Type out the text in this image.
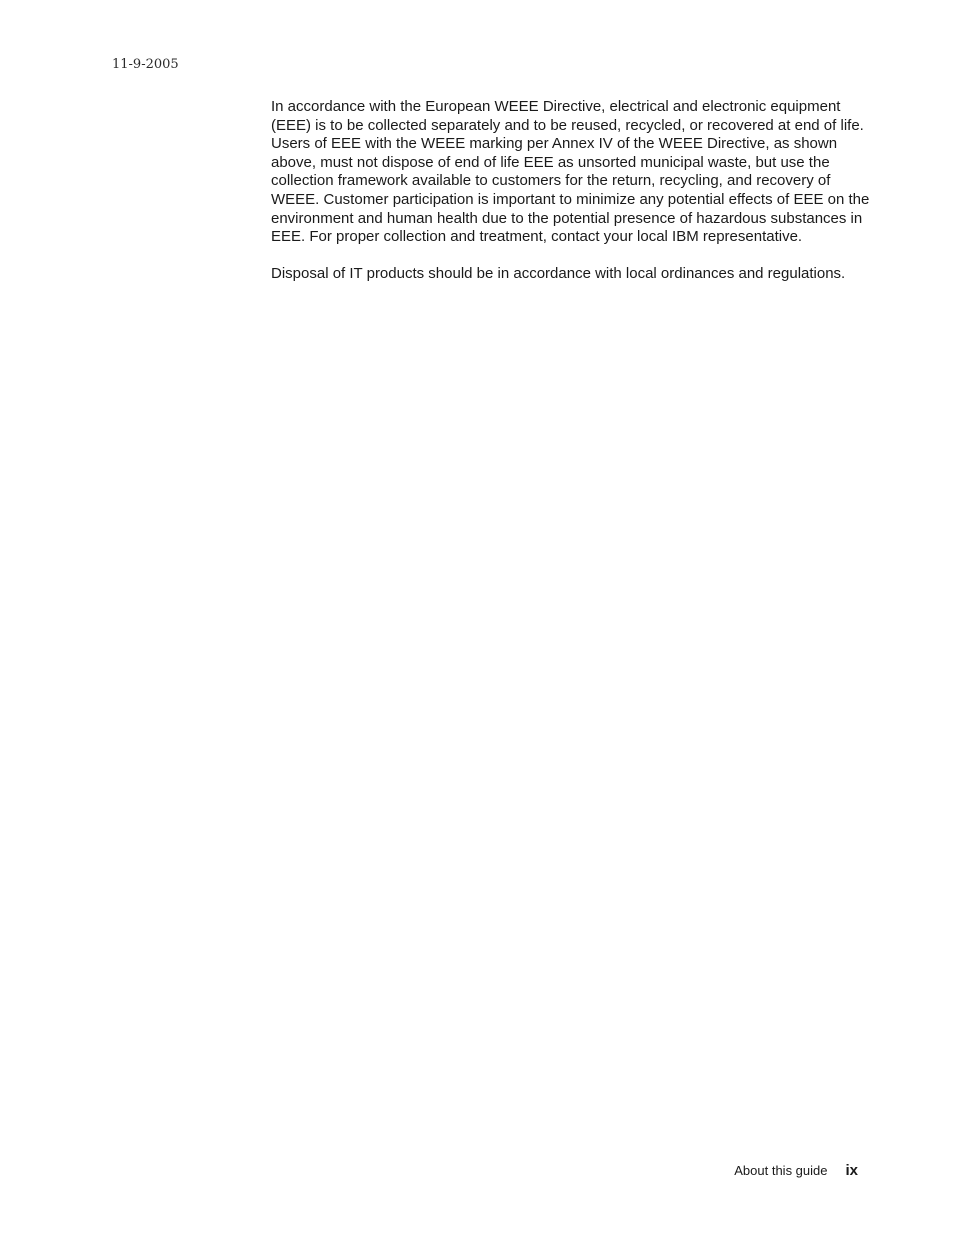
11-9-2005

In accordance with the European WEEE Directive, electrical and electronic equipment (EEE) is to be collected separately and to be reused, recycled, or recovered at end of life. Users of EEE with the WEEE marking per Annex IV of the WEEE Directive, as shown above, must not dispose of end of life EEE as unsorted municipal waste, but use the collection framework available to customers for the return, recycling, and recovery of WEEE. Customer participation is important to minimize any potential effects of EEE on the environment and human health due to the potential presence of hazardous substances in EEE. For proper collection and treatment, contact your local IBM representative.

Disposal of IT products should be in accordance with local ordinances and regulations.

About this guide ix
